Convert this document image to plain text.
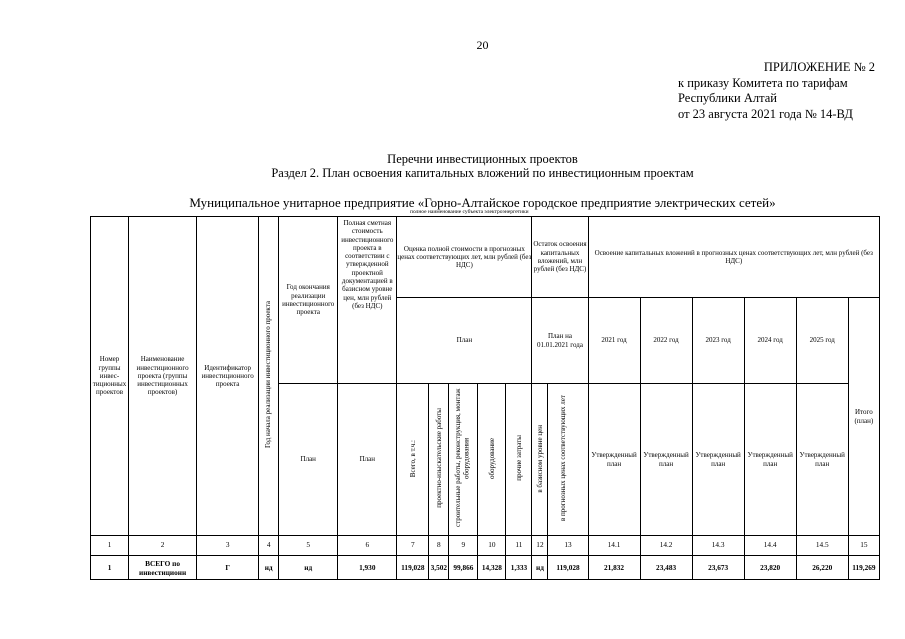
20
ПРИЛОЖЕНИЕ № 2
к приказу Комитета по тарифам
Республики Алтай
от 23 августа 2021 года № 14-ВД
Перечни инвестиционных проектов
Раздел 2. План освоения капитальных вложений по инвестиционным проектам
Муниципальное унитарное предприятие «Горно-Алтайское городское предприятие электрических сетей»
полное наименование субъекта электроэнергетики
Номер группы инвес-тиционных проектов	Наименование инвестиционного проекта (группы инвестиционных проектов)	Идентификатор инвестиционного проекта	Год начала реализации инвестиционного проекта	Год окончания реализации инвестиционного проекта	Полная сметная стоимость инвестиционного проекта в соответствии с утвержденной проектной документацией в базисном уровне цен, млн рублей (без НДС)	Оценка полной стоимости в прогнозных ценах соответствующих лет, млн рублей (без НДС)					Остаток освоения капитальных вложений, млн рублей (без НДС)		Освоение капитальных вложений в прогнозных ценах соответствующих лет, млн рублей (без НДС)					
						План					План на 01.01.2021 года		2021 год	2022 год	2023 год	2024 год	2025 год	Итого (план)
				План	План	Всего, в т.ч.:	проектно-изыскательские работы	строительные работы, реконструкция, монтаж оборудования	оборудование	прочие затраты	в базисном уровне цен	в прогнозных ценах соответствующих лет	Утвержденный план	Утвержденный план	Утвержденный план	Утвержденный план	Утвержденный план	
1	2	3	4	5	6	7	8	9	10	11	12	13	14.1	14.2	14.3	14.4	14.5	15
1	ВСЕГО по инвестиционн	Г	нд	нд	1,930	119,028	3,502	99,866	14,328	1,333	нд	119,028	21,832	23,483	23,673	23,820	26,220	119,269
